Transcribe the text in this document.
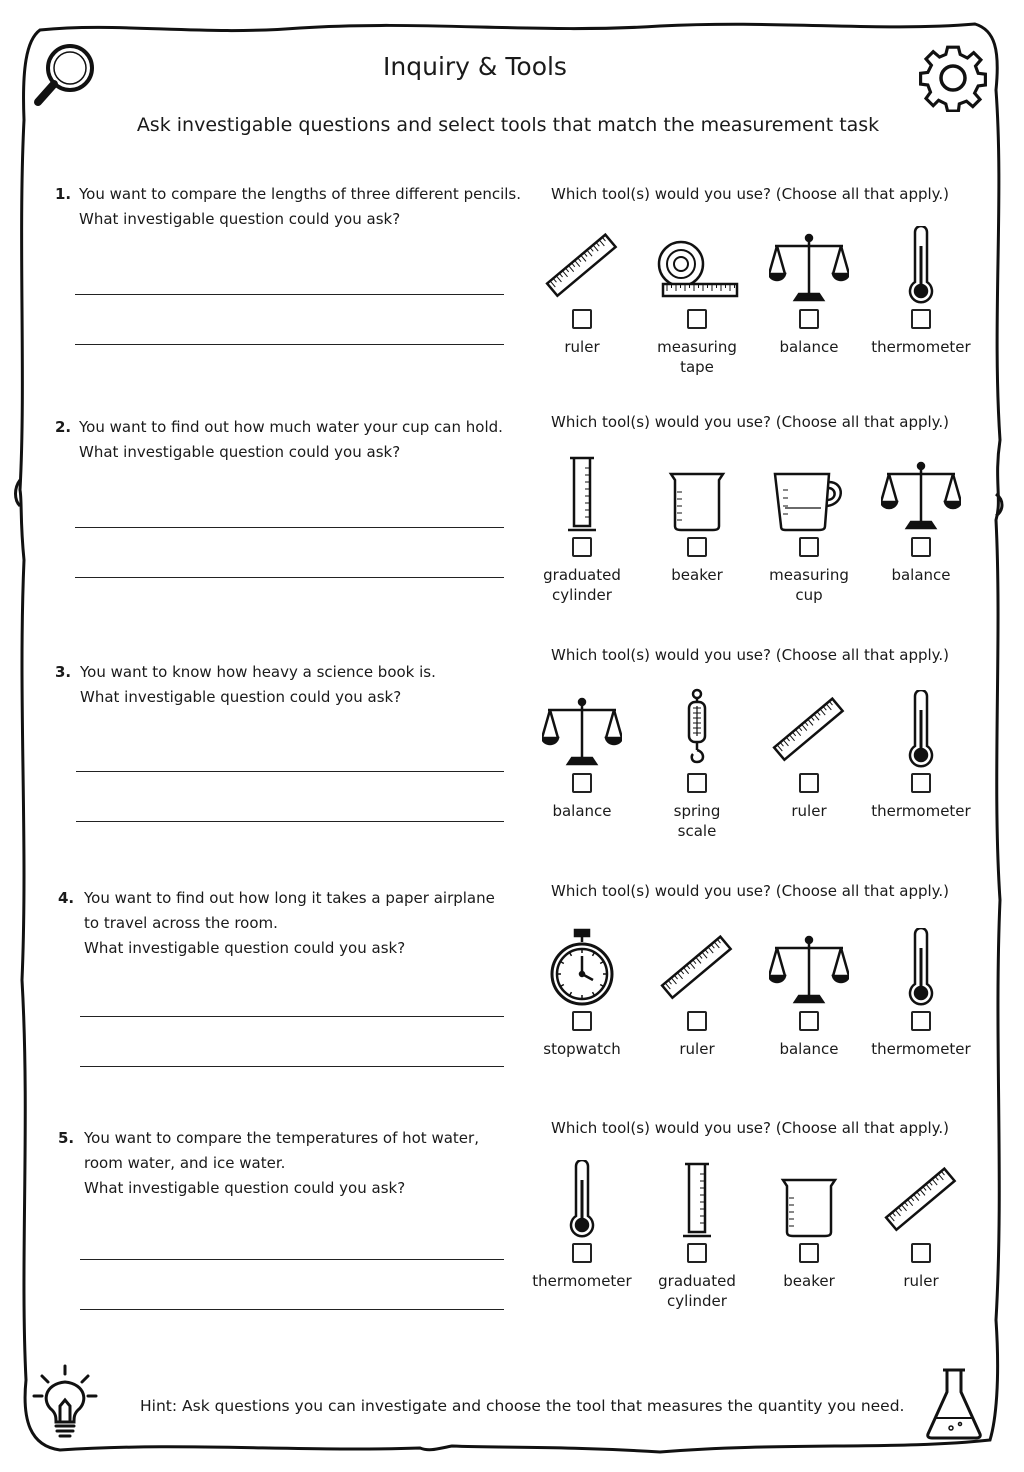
Inquiry & Tools
Ask investigable questions and select tools that match the measurement task
1. You want to compare the lengths of three different pencils.
What investigable question could you ask?
Which tool(s) would you use? (Choose all that apply.)
ruler	measuring
tape
balance	thermometer
2. You want to find out how much water your cup can hold.
What investigable question could you ask?
Which tool(s) would you use? (Choose all that apply.)
graduated
cylinder
beaker	measuring
cup
balance
3. You want to know how heavy a science book is.
What investigable question could you ask?
Which tool(s) would you use? (Choose all that apply.)
balance	spring
scale
ruler	thermometer
4. You want to find out how long it takes a paper airplane
to travel across the room.
What investigable question could you ask?
Which tool(s) would you use? (Choose all that apply.)
stopwatch	ruler	balance	thermometer
5. You want to compare the temperatures of hot water,
room water, and ice water.
What investigable question could you ask?
Which tool(s) would you use? (Choose all that apply.)
thermometer	graduated
cylinder
beaker	ruler
Hint: Ask questions you can investigate and choose the tool that measures the quantity you need.
